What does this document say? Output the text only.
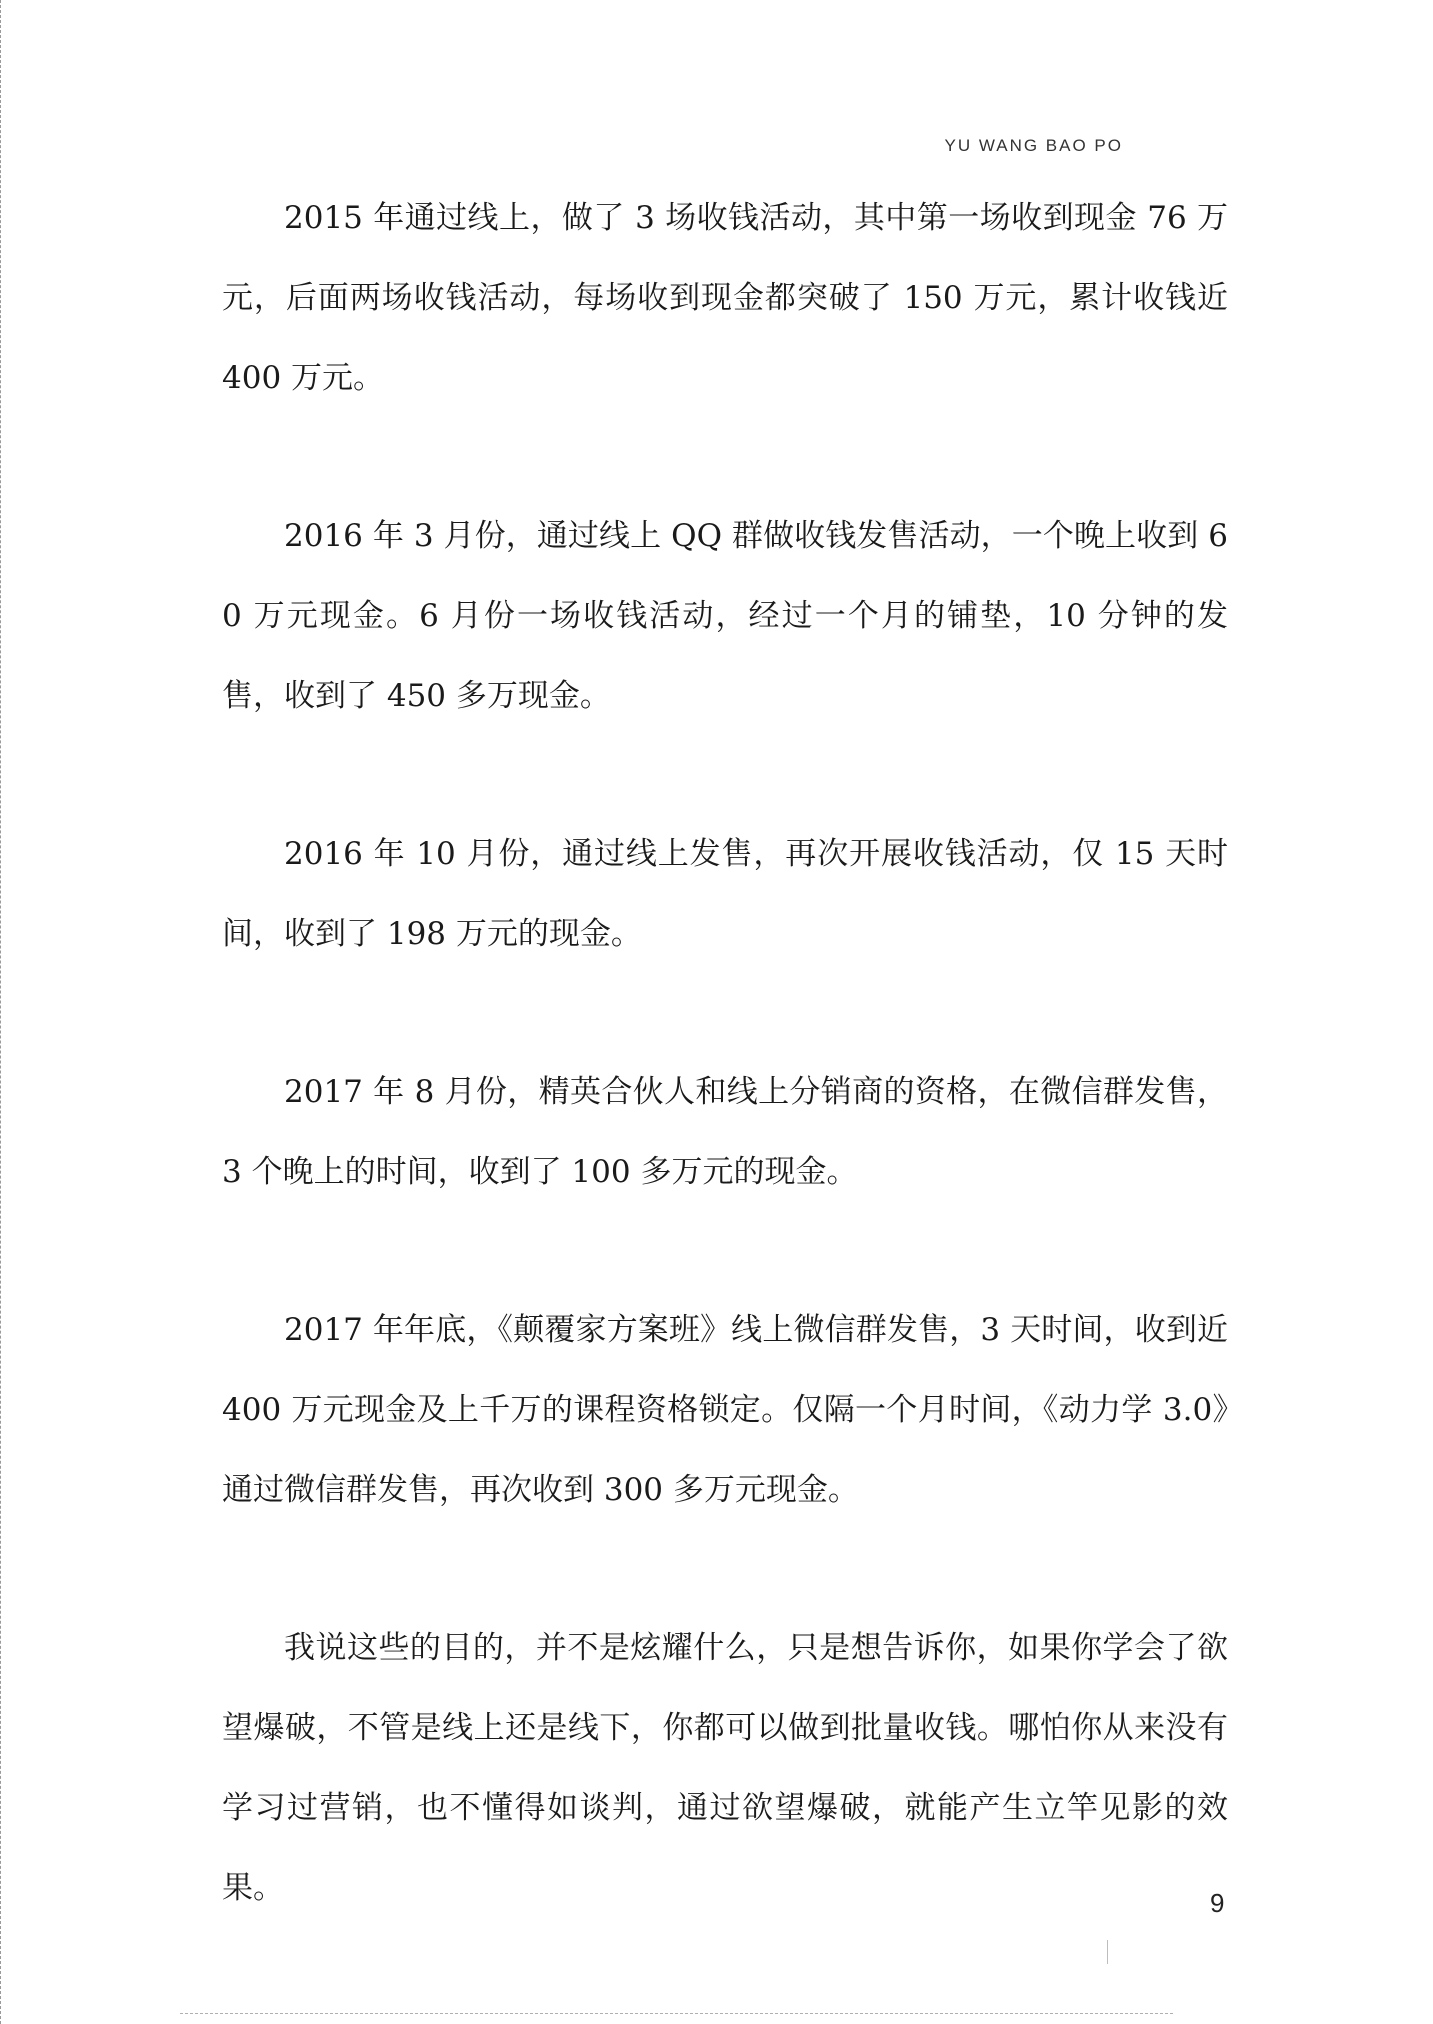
YU WANG BAO PO

2015 年通过线上，做了 3 场收钱活动，其中第一场收到现金 76 万元，后面两场收钱活动，每场收到现金都突破了 150 万元，累计收钱近 400 万元。

2016 年 3 月份，通过线上 QQ 群做收钱发售活动，一个晚上收到 60 万元现金。6 月份一场收钱活动，经过一个月的铺垫，10 分钟的发售，收到了 450 多万现金。

2016 年 10 月份，通过线上发售，再次开展收钱活动，仅 15 天时间，收到了 198 万元的现金。

2017 年 8 月份，精英合伙人和线上分销商的资格，在微信群发售，3 个晚上的时间，收到了 100 多万元的现金。

2017 年年底，《颠覆家方案班》线上微信群发售，3 天时间，收到近 400 万元现金及上千万的课程资格锁定。仅隔一个月时间，《动力学 3.0》通过微信群发售，再次收到 300 多万元现金。

我说这些的目的，并不是炫耀什么，只是想告诉你，如果你学会了欲望爆破，不管是线上还是线下，你都可以做到批量收钱。哪怕你从来没有学习过营销，也不懂得如谈判，通过欲望爆破，就能产生立竿见影的效果。	9
